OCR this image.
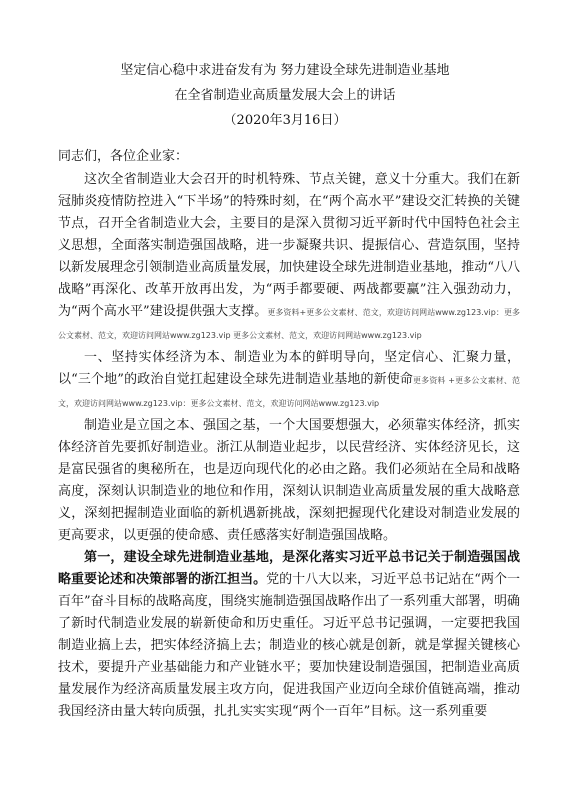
坚定信心稳中求进奋发有为 努力建设全球先进制造业基地
在全省制造业高质量发展大会上的讲话
（2020年3月16日）

同志们，各位企业家：

这次全省制造业大会召开的时机特殊、节点关键，意义十分重大。我们在新冠肺炎疫情防控进入“下半场”的特殊时刻，在“两个高水平”建设交汇转换的关键节点，召开全省制造业大会，主要目的是深入贯彻习近平新时代中国特色社会主义思想，全面落实制造强国战略，进一步凝聚共识、提振信心、营造氛围，坚持以新发展理念引领制造业高质量发展，加快建设全球先进制造业基地，推动“八八战略”再深化、改革开放再出发，为“两手都要硬、两战都要赢”注入强劲动力，为“两个高水平”建设提供强大支撑。更多资料+更多公文素材、范文，欢迎访问网站www.zg123.vip：更多公文素材、范文，欢迎访问网站www.zg123.vip 更多公文素材、范文，欢迎访问网站www.zg123.vip

一、坚持实体经济为本、制造业为本的鲜明导向，坚定信心、汇聚力量，以“三个地”的政治自觉扛起建设全球先进制造业基地的新使命更多资料 +更多公文素材、范文，欢迎访问网站www.zg123.vip：更多公文素材、范文，欢迎访问网站www.zg123.vip

制造业是立国之本、强国之基，一个大国要想强大，必须靠实体经济，抓实体经济首先要抓好制造业。浙江从制造业起步，以民营经济、实体经济见长，这是富民强省的奥秘所在，也是迈向现代化的必由之路。我们必须站在全局和战略高度，深刻认识制造业的地位和作用，深刻认识制造业高质量发展的重大战略意义，深刻把握制造业面临的新机遇新挑战，深刻把握现代化建设对制造业发展的更高要求，以更强的使命感、责任感落实好制造强国战略。

第一，建设全球先进制造业基地，是深化落实习近平总书记关于制造强国战略重要论述和决策部署的浙江担当。党的十八大以来，习近平总书记站在“两个一百年”奋斗目标的战略高度，围绕实施制造强国战略作出了一系列重大部署，明确了新时代制造业发展的崭新使命和历史重任。习近平总书记强调，一定要把我国制造业搞上去，把实体经济搞上去；制造业的核心就是创新，就是掌握关键核心技术，要提升产业基础能力和产业链水平；要加快建设制造强国，把制造业高质量发展作为经济高质量发展主攻方向，促进我国产业迈向全球价值链高端，推动我国经济由量大转向质强，扎扎实实实现“两个一百年”目标。这一系列重要
